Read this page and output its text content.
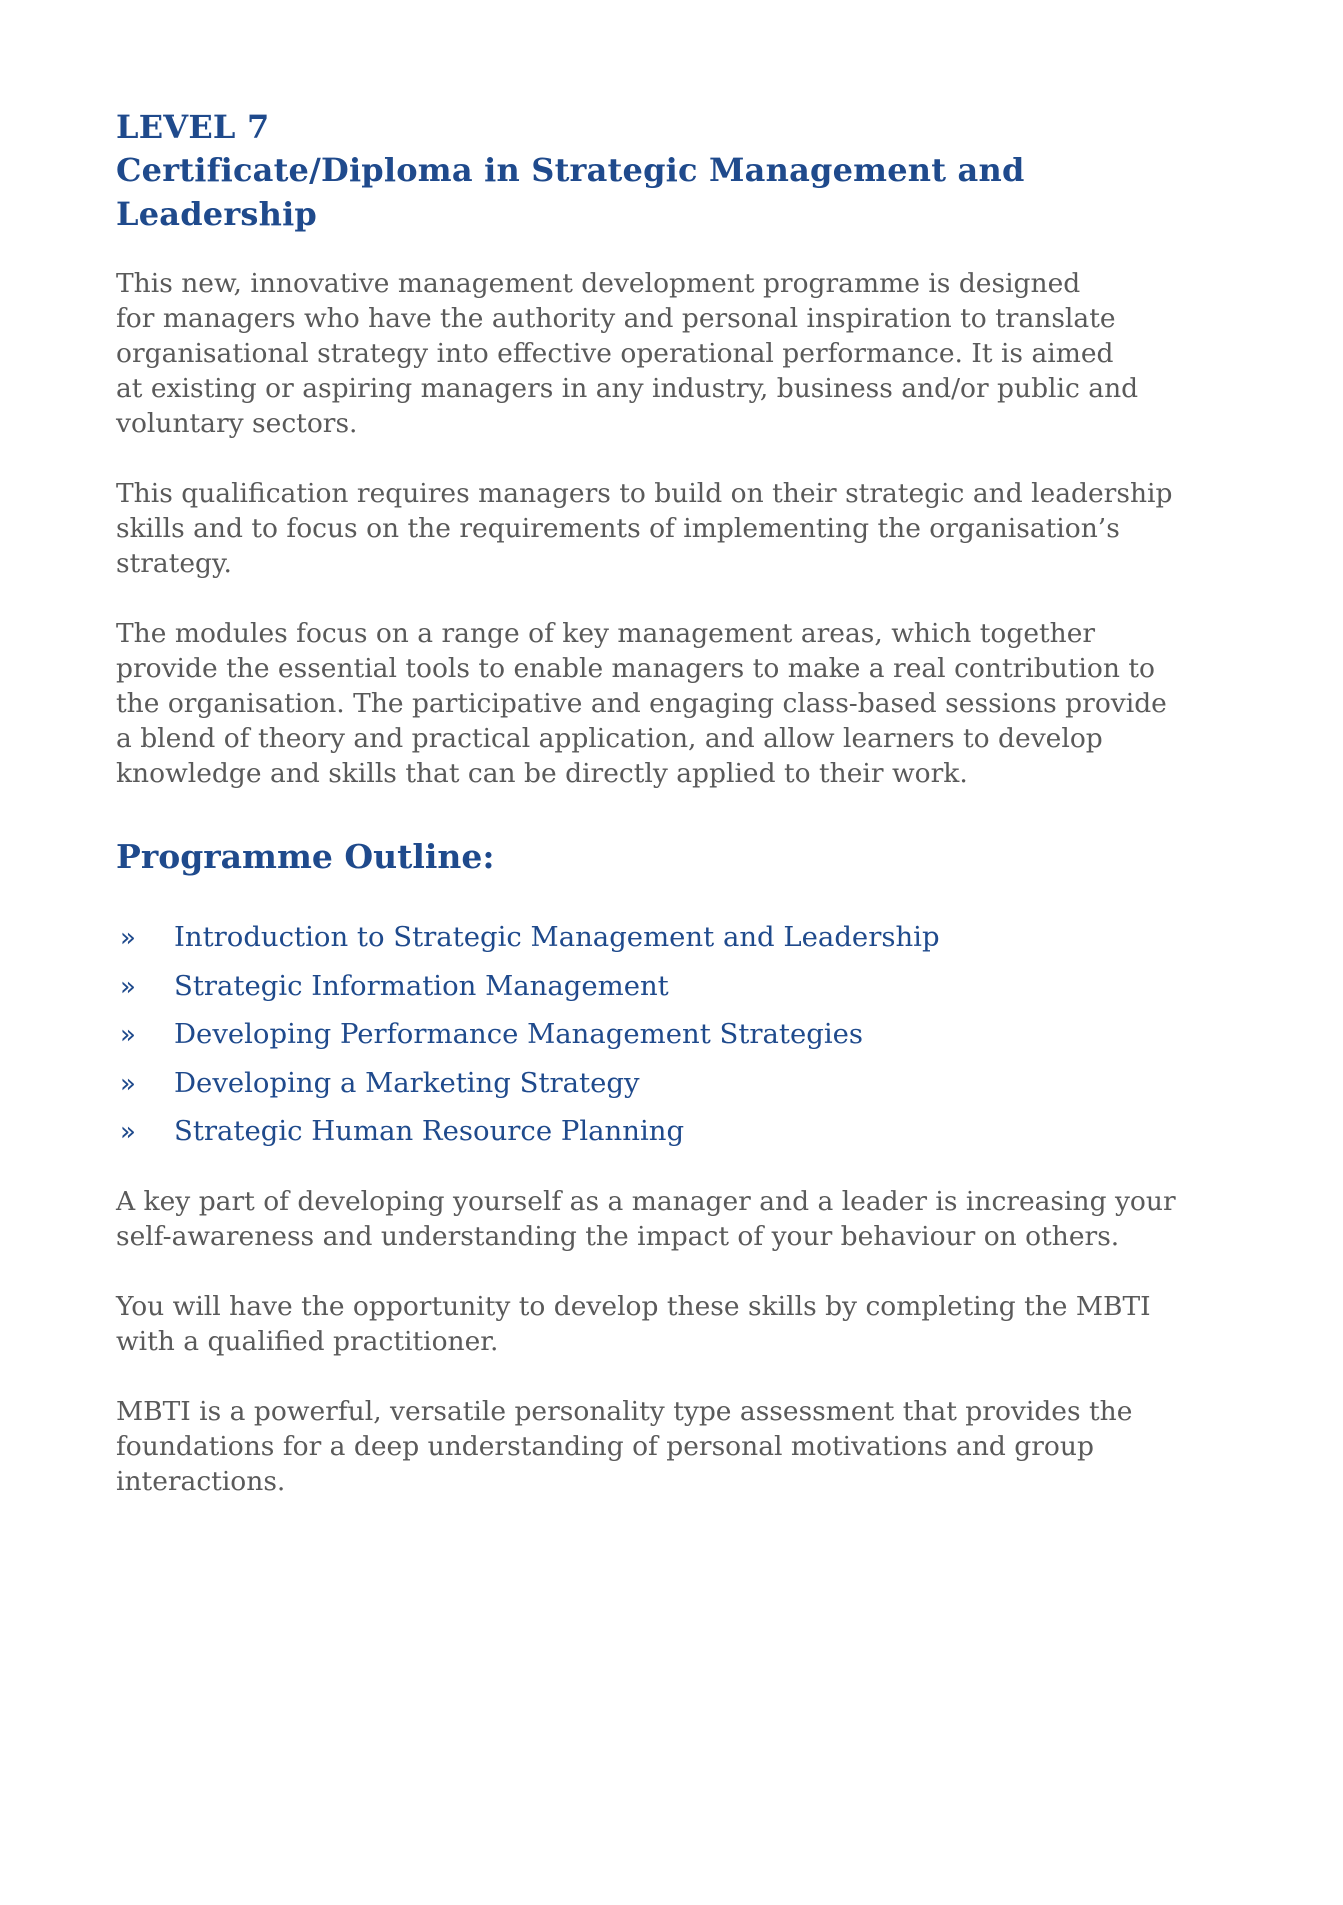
LEVEL 7
Certificate/Diploma in Strategic Management and Leadership

This new, innovative management development programme is designed
for managers who have the authority and personal inspiration to translate
organisational strategy into effective operational performance. It is aimed
at existing or aspiring managers in any industry, business and/or public and
voluntary sectors.

This qualification requires managers to build on their strategic and leadership
skills and to focus on the requirements of implementing the organisation’s
strategy.

The modules focus on a range of key management areas, which together
provide the essential tools to enable managers to make a real contribution to
the organisation. The participative and engaging class-based sessions provide
a blend of theory and practical application, and allow learners to develop
knowledge and skills that can be directly applied to their work.

Programme Outline:
»	Introduction to Strategic Management and Leadership
»	Strategic Information Management
»	Developing Performance Management Strategies
»	Developing a Marketing Strategy
»	Strategic Human Resource Planning

A key part of developing yourself as a manager and a leader is increasing your
self-awareness and understanding the impact of your behaviour on others.

You will have the opportunity to develop these skills by completing the MBTI
with a qualified practitioner.

MBTI is a powerful, versatile personality type assessment that provides the
foundations for a deep understanding of personal motivations and group
interactions.
